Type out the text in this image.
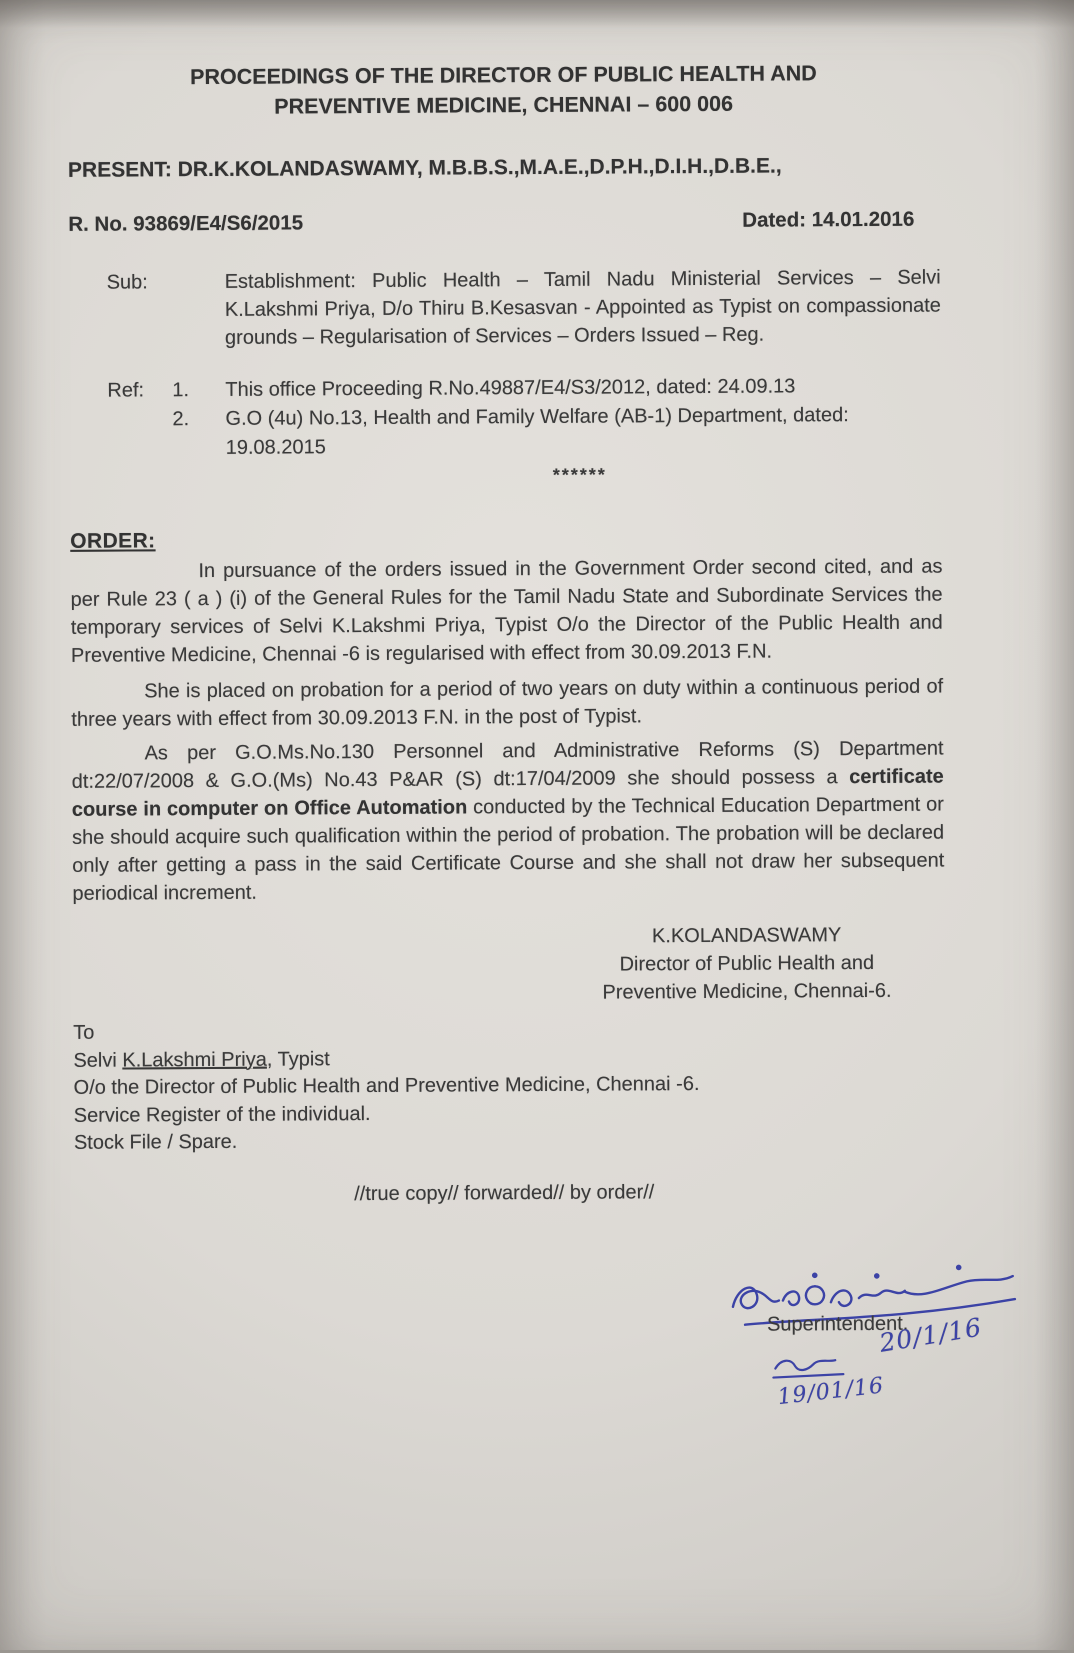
PROCEEDINGS OF THE DIRECTOR OF PUBLIC HEALTH AND
PREVENTIVE MEDICINE, CHENNAI – 600 006
PRESENT: DR.K.KOLANDASWAMY, M.B.B.S.,M.A.E.,D.P.H.,D.I.H.,D.B.E.,
R. No. 93869/E4/S6/2015	Dated: 14.01.2016
Sub:	Establishment: Public Health – Tamil Nadu Ministerial Services – Selvi K.Lakshmi Priya, D/o Thiru B.Kesasvan - Appointed as Typist on compassionate grounds – Regularisation of Services – Orders Issued – Reg.
Ref:	1.	This office Proceeding R.No.49887/E4/S3/2012, dated: 24.09.13
2.	G.O (4u) No.13, Health and Family Welfare (AB-1) Department, dated: 19.08.2015
******
ORDER:

In pursuance of the orders issued in the Government Order second cited, and as per Rule 23 ( a ) (i) of the General Rules for the Tamil Nadu State and Subordinate Services the temporary services of Selvi K.Lakshmi Priya, Typist O/o the Director of the Public Health and Preventive Medicine, Chennai -6 is regularised with effect from 30.09.2013 F.N.

She is placed on probation for a period of two years on duty within a continuous period of three years with effect from 30.09.2013 F.N. in the post of Typist.

As per G.O.Ms.No.130 Personnel and Administrative Reforms (S) Department dt:22/07/2008 & G.O.(Ms) No.43 P&AR (S) dt:17/04/2009 she should possess a certificate course in computer on Office Automation conducted by the Technical Education Department or she should acquire such qualification within the period of probation. The probation will be declared only after getting a pass in the said Certificate Course and she shall not draw her subsequent periodical increment.

K.KOLANDASWAMY
Director of Public Health and
Preventive Medicine, Chennai-6.
To
Selvi K.Lakshmi Priya, Typist
O/o the Director of Public Health and Preventive Medicine, Chennai -6.
Service Register of the individual.
Stock File / Spare.
//true copy// forwarded// by order//
Superintendent.
20/1/16
19/01/16
